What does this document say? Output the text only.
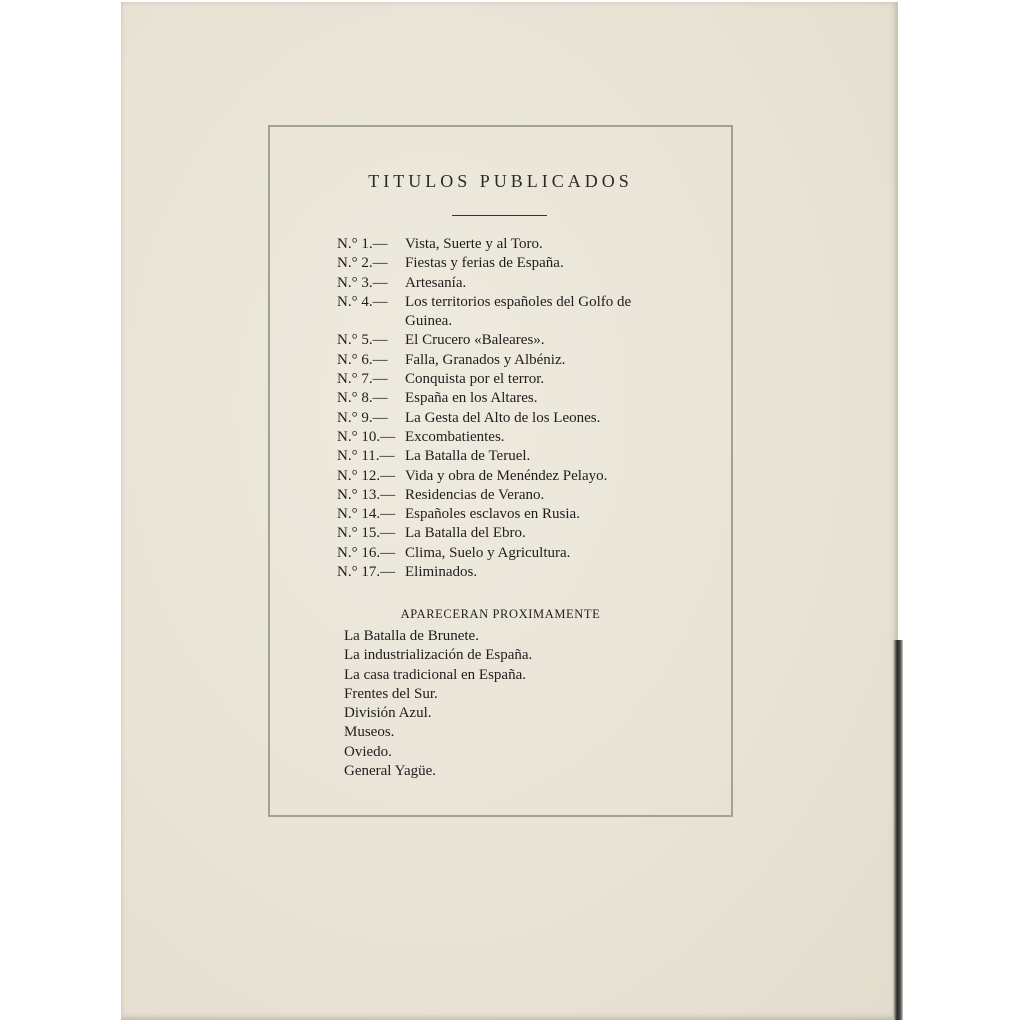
TITULOS PUBLICADOS
N.° 1.—	Vista, Suerte y al Toro.
N.° 2.—	Fiestas y ferias de España.
N.° 3.—	Artesanía.
N.° 4.—	Los territorios españoles del Golfo de Guinea.
N.° 5.—	El Crucero «Baleares».
N.° 6.—	Falla, Granados y Albéniz.
N.° 7.—	Conquista por el terror.
N.° 8.—	España en los Altares.
N.° 9.—	La Gesta del Alto de los Leones.
N.° 10.— Excombatientes.
N.° 11.— La Batalla de Teruel.
N.° 12.— Vida y obra de Menéndez Pelayo.
N.° 13.— Residencias de Verano.
N.° 14.— Españoles esclavos en Rusia.
N.° 15.— La Batalla del Ebro.
N.° 16.— Clima, Suelo y Agricultura.
N.° 17.— Eliminados.
APARECERAN PROXIMAMENTE
La Batalla de Brunete.
La industrialización de España.
La casa tradicional en España.
Frentes del Sur.
División Azul.
Museos.
Oviedo.
General Yagüe.
